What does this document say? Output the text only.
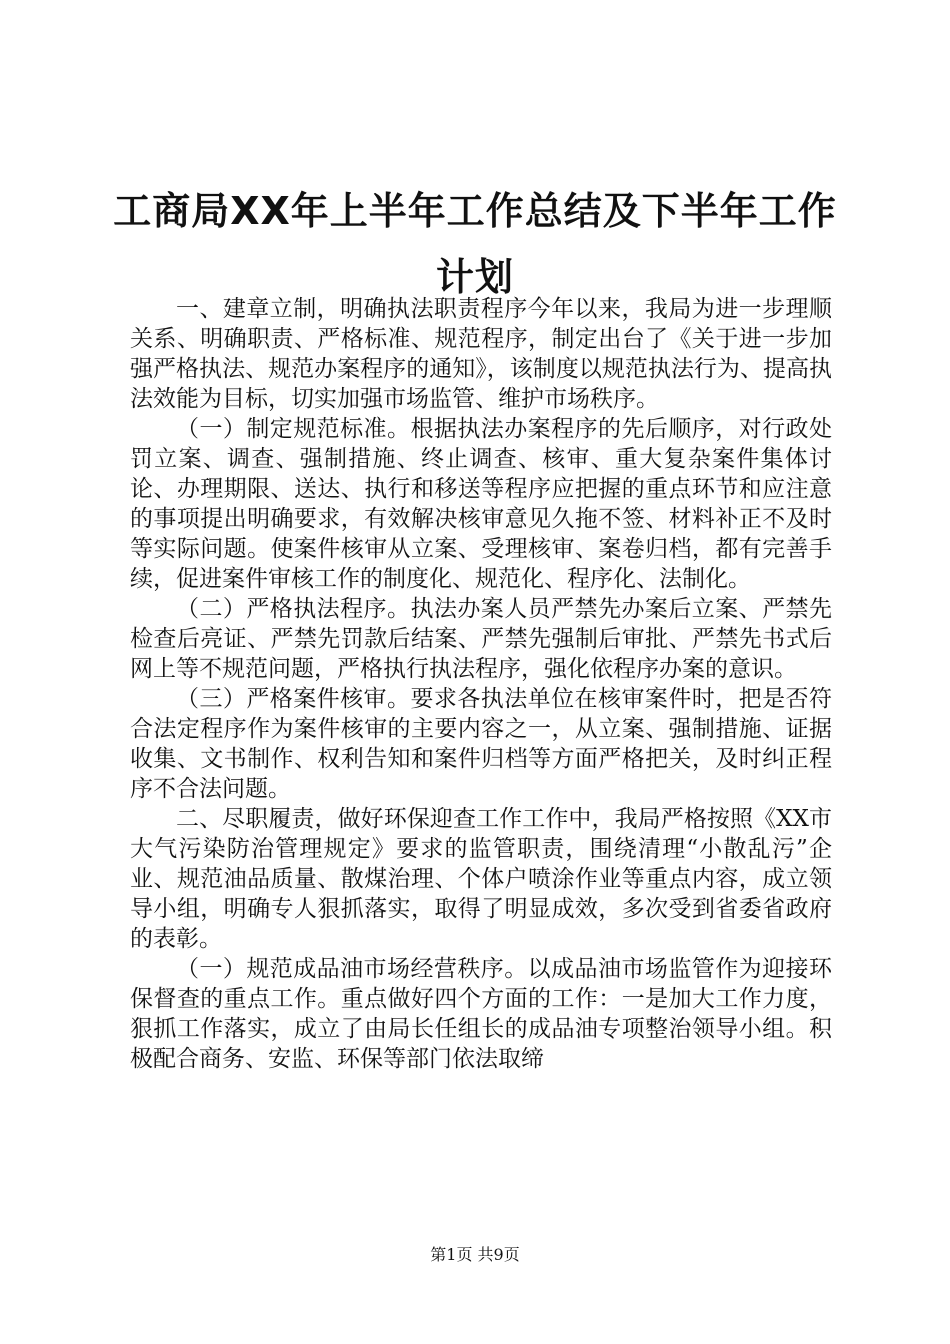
工商局XX年上半年工作总结及下半年工作计划

一、建章立制，明确执法职责程序今年以来，我局为进一步理顺关系、明确职责、严格标准、规范程序，制定出台了《关于进一步加强严格执法、规范办案程序的通知》，该制度以规范执法行为、提高执法效能为目标，切实加强市场监管、维护市场秩序。

（一）制定规范标准。根据执法办案程序的先后顺序，对行政处罚立案、调查、强制措施、终止调查、核审、重大复杂案件集体讨论、办理期限、送达、执行和移送等程序应把握的重点环节和应注意的事项提出明确要求，有效解决核审意见久拖不签、材料补正不及时等实际问题。使案件核审从立案、受理核审、案卷归档，都有完善手续，促进案件审核工作的制度化、规范化、程序化、法制化。

（二）严格执法程序。执法办案人员严禁先办案后立案、严禁先检查后亮证、严禁先罚款后结案、严禁先强制后审批、严禁先书式后网上等不规范问题，严格执行执法程序，强化依程序办案的意识。

（三）严格案件核审。要求各执法单位在核审案件时，把是否符合法定程序作为案件核审的主要内容之一，从立案、强制措施、证据收集、文书制作、权利告知和案件归档等方面严格把关，及时纠正程序不合法问题。

二、尽职履责，做好环保迎查工作工作中，我局严格按照《XX市大气污染防治管理规定》要求的监管职责，围绕清理“小散乱污”企业、规范油品质量、散煤治理、个体户喷涂作业等重点内容，成立领导小组，明确专人狠抓落实，取得了明显成效，多次受到省委省政府的表彰。

（一）规范成品油市场经营秩序。以成品油市场监管作为迎接环保督查的重点工作。重点做好四个方面的工作：一是加大工作力度，狠抓工作落实，成立了由局长任组长的成品油专项整治领导小组。积极配合商务、安监、环保等部门依法取缔

第1页 共9页
